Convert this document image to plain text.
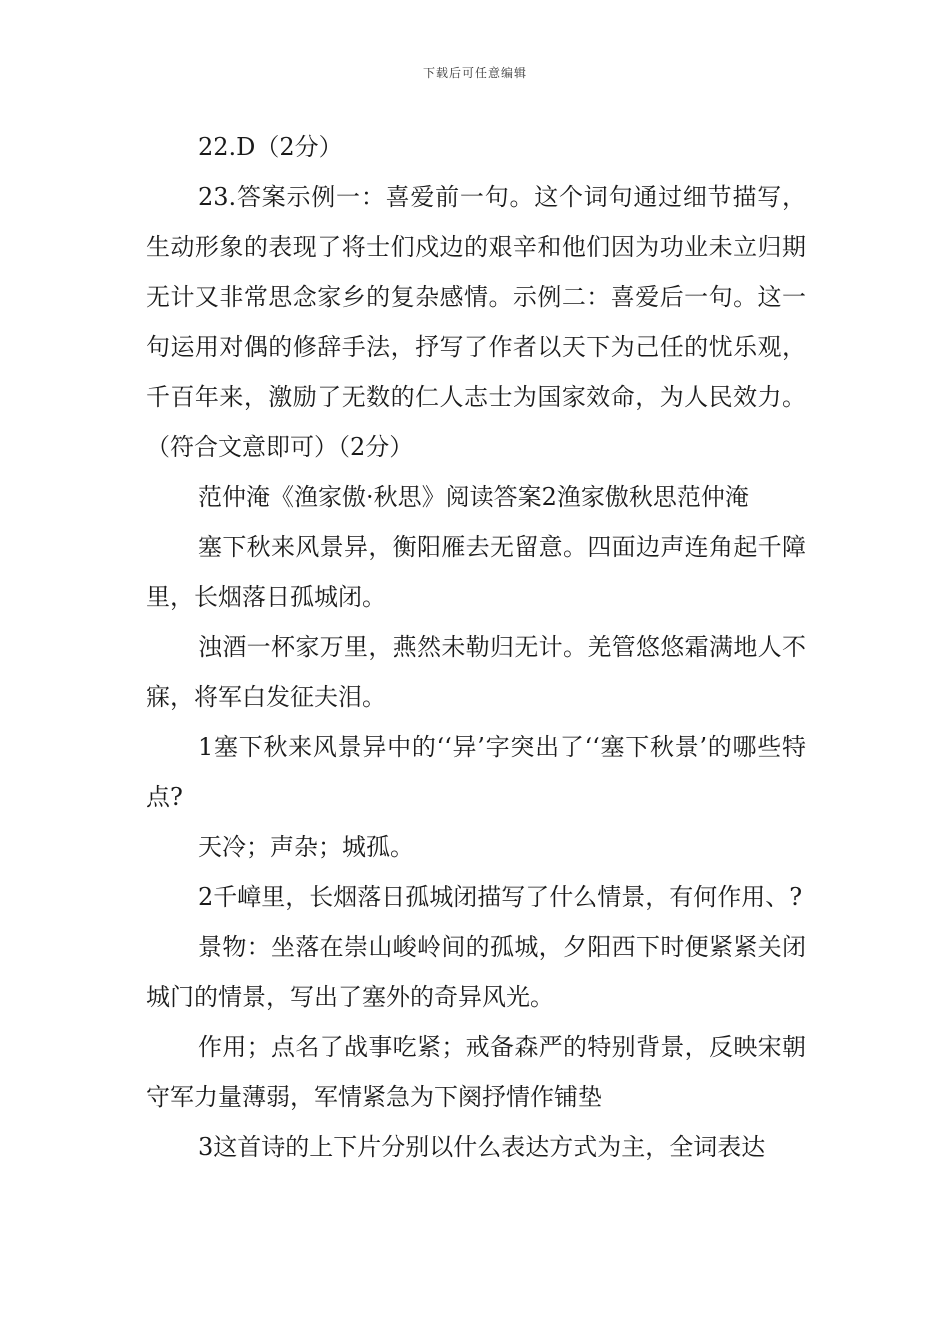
下载后可任意编辑

22.D（2分）

23.答案示例一：喜爱前一句。这个词句通过细节描写，生动形象的表现了将士们戍边的艰辛和他们因为功业未立归期无计又非常思念家乡的复杂感情。示例二：喜爱后一句。这一句运用对偶的修辞手法，抒写了作者以天下为己任的忧乐观，千百年来，激励了无数的仁人志士为国家效命，为人民效力。（符合文意即可）（2分）

范仲淹《渔家傲·秋思》阅读答案2渔家傲秋思范仲淹

塞下秋来风景异，衡阳雁去无留意。四面边声连角起千障里，长烟落日孤城闭。

浊酒一杯家万里，燕然未勒归无计。羌管悠悠霜满地人不寐，将军白发征夫泪。

1塞下秋来风景异中的‘‘异’字突出了‘‘塞下秋景’的哪些特点?

天冷；声杂；城孤。

2千嶂里，长烟落日孤城闭描写了什么情景，有何作用、?

景物：坐落在崇山峻岭间的孤城，夕阳西下时便紧紧关闭城门的情景，写出了塞外的奇异风光。

作用；点名了战事吃紧；戒备森严的特别背景，反映宋朝守军力量薄弱，军情紧急为下阕抒情作铺垫

3这首诗的上下片分别以什么表达方式为主，全词表达
